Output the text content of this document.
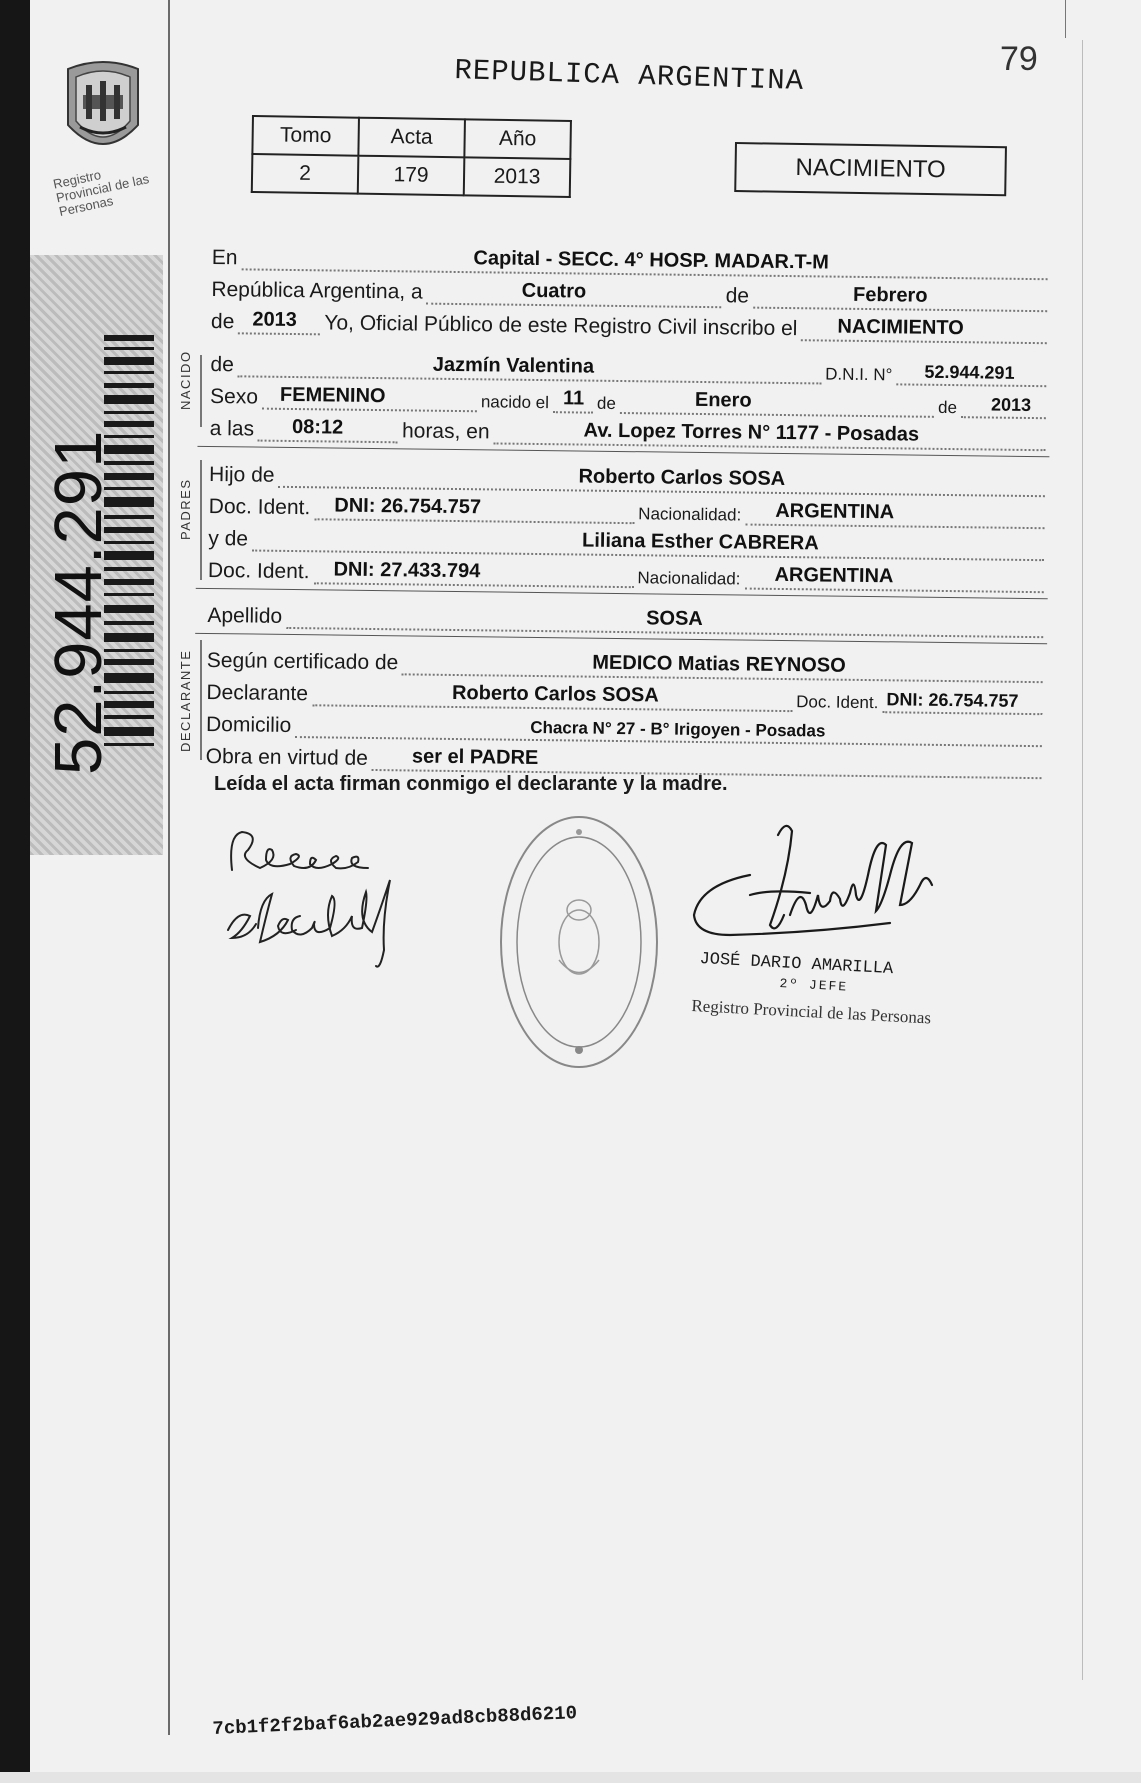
Registro Provincial de las Personas
52.944.291
79
REPUBLICA ARGENTINA
Tomo	Acta	Año
2	179	2013	NACIMIENTO
NACIDO
PADRES
DECLARANTE
En	Capital - SECC. 4° HOSP. MADAR.T-M
República Argentina, a	Cuatro	de	Febrero
de 2013 Yo, Oficial Público de este Registro Civil inscribo el NACIMIENTO
de	Jazmín Valentina	D.N.I. N° 52.944.291
Sexo FEMENINO	nacido el 11 de	Enero	de 2013
a las 08:12	horas, en	Av. Lopez Torres N° 1177 - Posadas
Hijo de	Roberto Carlos SOSA
Doc. Ident. DNI: 26.754.757	Nacionalidad: ARGENTINA
y de	Liliana Esther CABRERA
Doc. Ident. DNI: 27.433.794	Nacionalidad: ARGENTINA
Apellido	SOSA
Según certificado de	MEDICO Matias REYNOSO
Declarante	Roberto Carlos SOSA	Doc. Ident. DNI: 26.754.757
Domicilio	Chacra N° 27 - B° Irigoyen - Posadas
Obra en virtud de ser el PADRE
Leída el acta firman conmigo el declarante y la madre.
JOSÉ DARIO AMARILLA
2º JEFE
Registro Provincial de las Personas
7cb1f2f2baf6ab2ae929ad8cb88d6210
